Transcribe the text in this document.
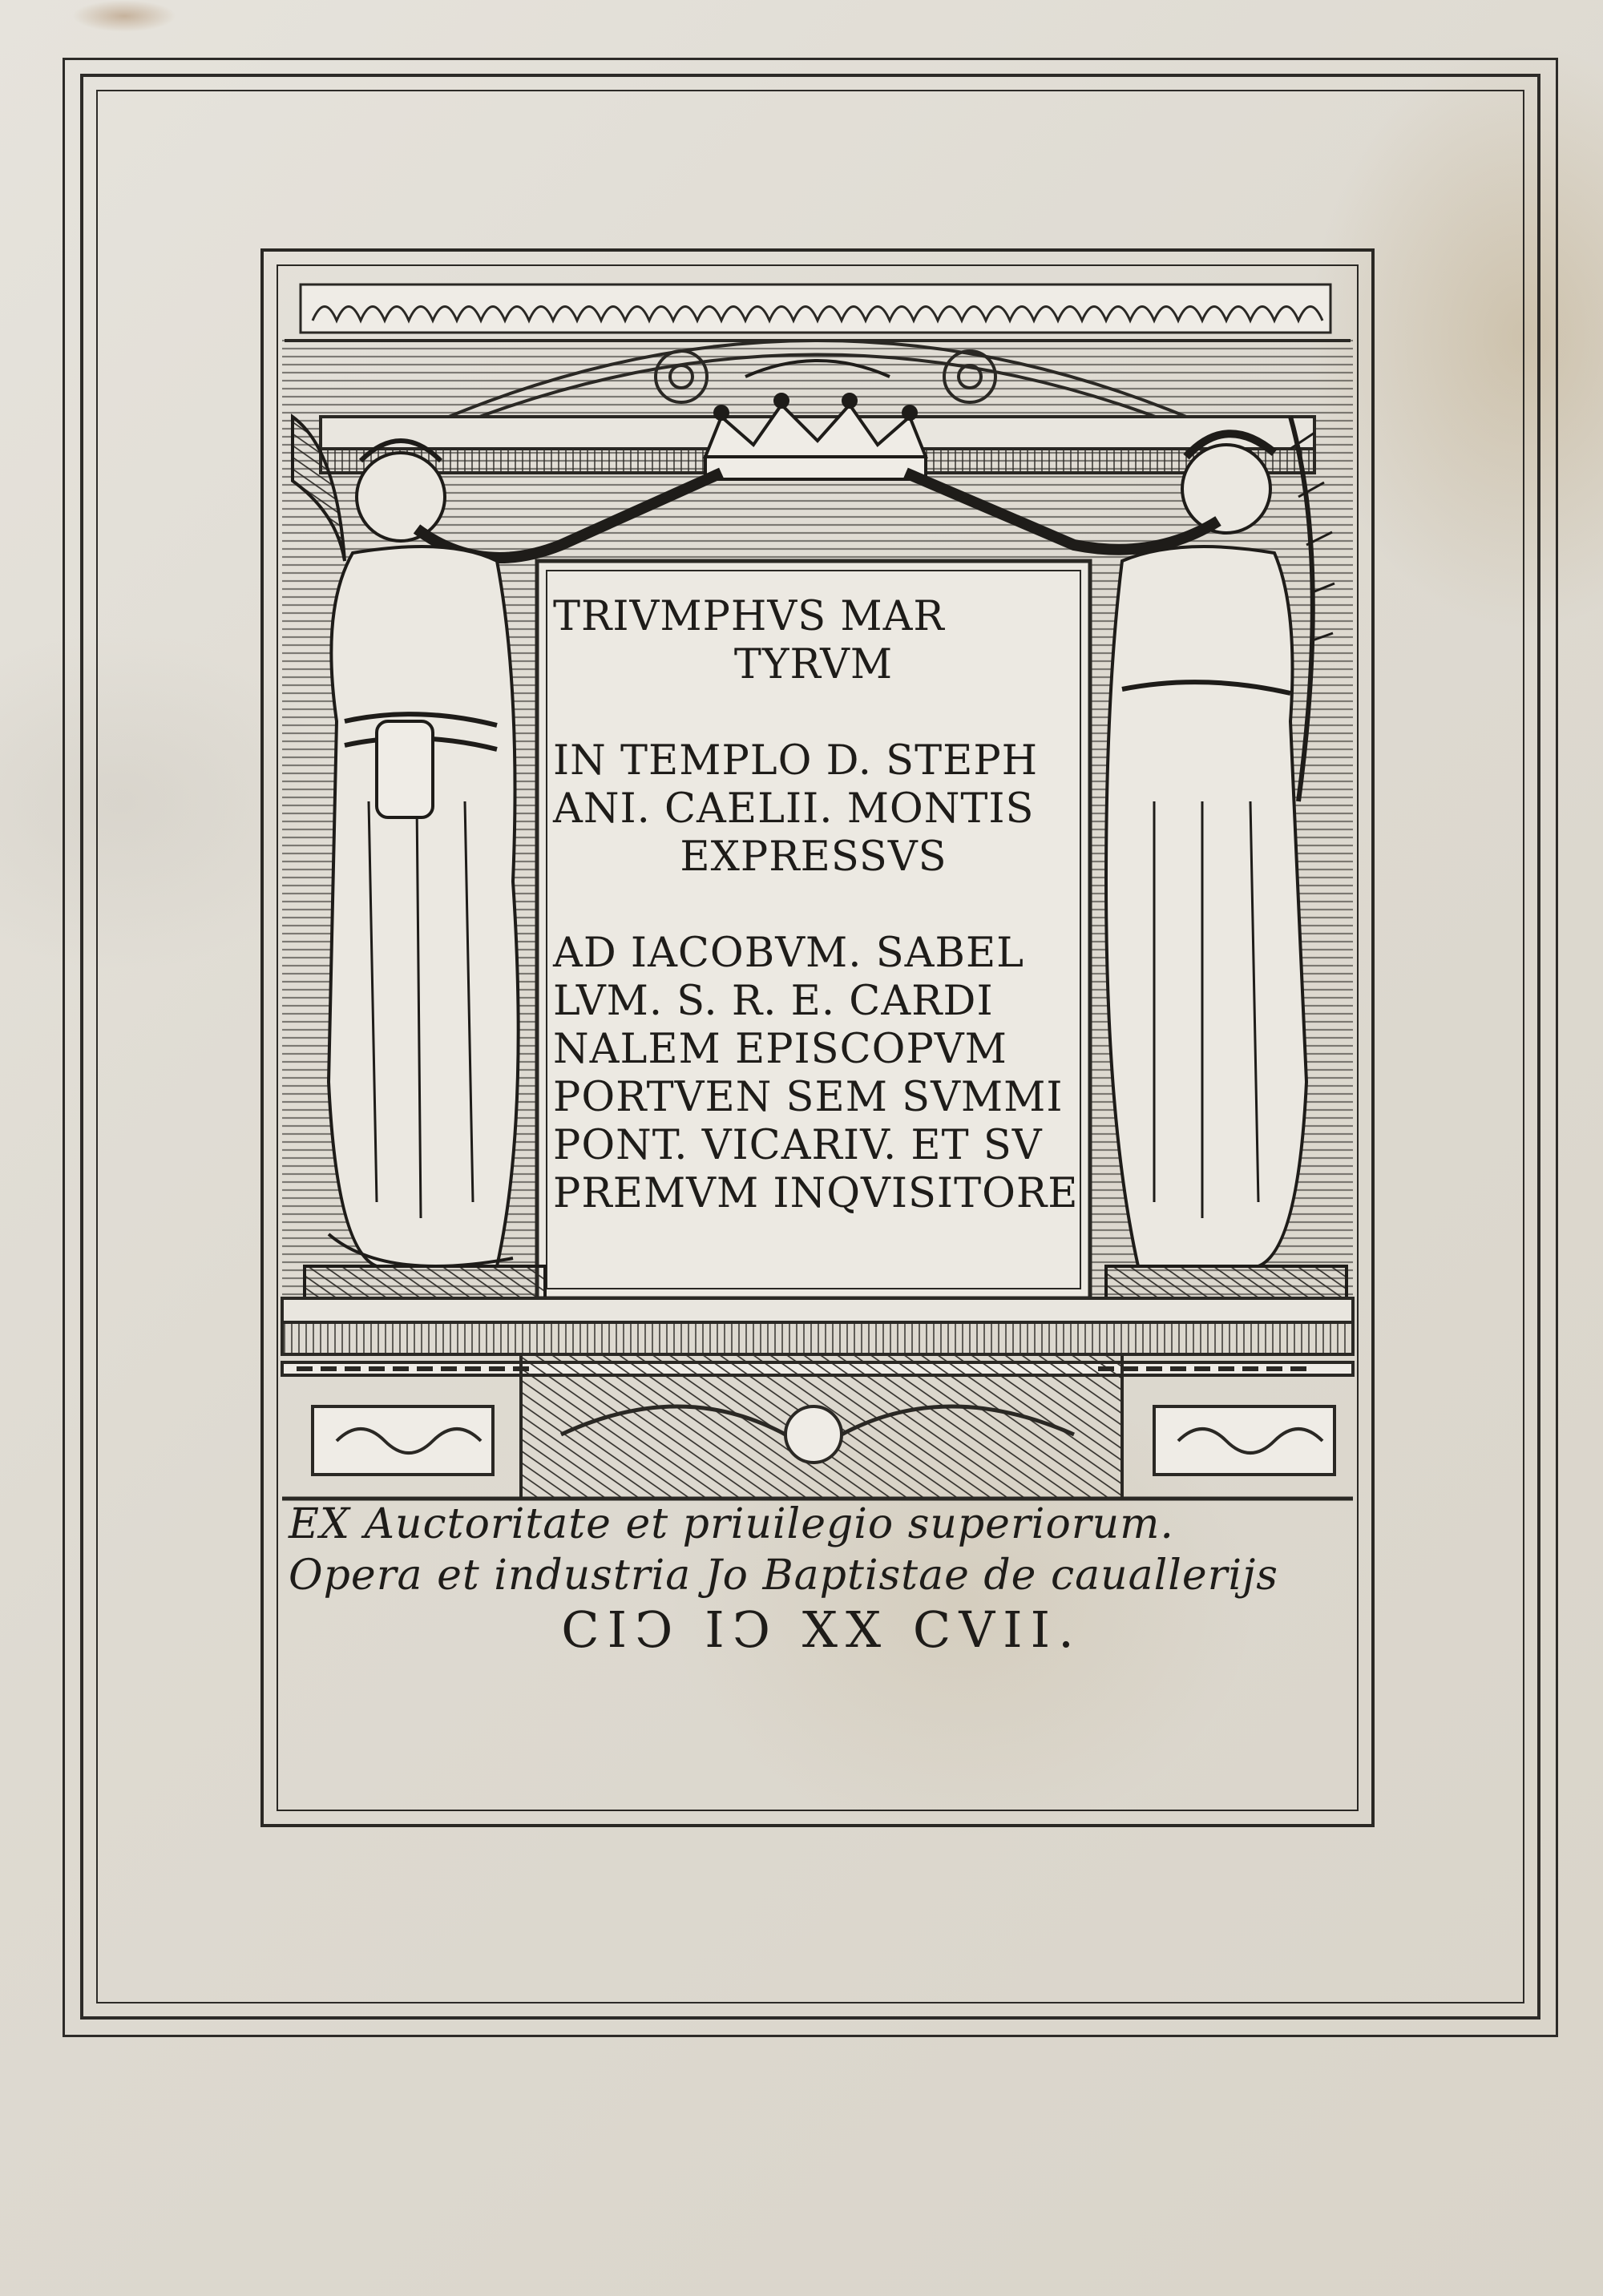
TRIVMPHVS MAR
TYRVM
IN TEMPLO D. STEPH
ANI. CAELII. MONTIS
EXPRESSVS
AD IACOBVM. SABEL
LVM. S. R. E. CARDI
NALEM EPISCOPVM
PORTVEN SEM SVMMI
PONT. VICARIV. ET SV
PREMVM INQVISITORE
EX Auctoritate et priuilegio superiorum.
Opera et industria Jo Baptistae de cauallerijs
CIↃ IↃ XX CVII.
